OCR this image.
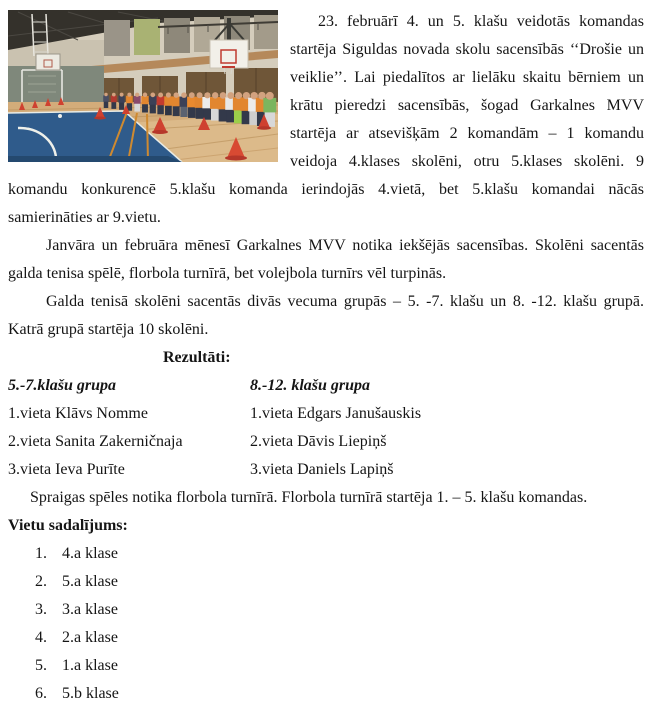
23. februārī 4. un 5. klašu veidotās komandas startēja Siguldas novada skolu sacensībās ‘‘Drošie un veiklie’’. Lai piedalītos ar lielāku skaitu bērniem un krātu pieredzi sacensībās, šogad Garkalnes MVV startēja ar atsevišķām 2 komandām – 1 komandu veidoja 4.klases skolēni, otru 5.klases skolēni. 9 komandu konkurencē 5.klašu komanda ierindojās 4.vietā, bet 5.klašu komandai nācās samierināties ar 9.vietu.

Janvāra un februāra mēnesī Garkalnes MVV notika iekšējās sacensības. Skolēni sacentās galda tenisa spēlē, florbola turnīrā, bet volejbola turnīrs vēl turpinās.

Galda tenisā skolēni sacentās divās vecuma grupās – 5. -7. klašu un 8. -12. klašu grupā. Katrā grupā startēja 10 skolēni.

Rezultāti:
5.-7.klašu grupa
1.vieta Klāvs Nomme
2.vieta Sanita Zakerničnaja
3.vieta Ieva Purīte
8.-12. klašu grupa
1.vieta Edgars Janušauskis
2.vieta Dāvis Liepiņš
3.vieta Daniels Lapiņš

Spraigas spēles notika florbola turnīrā. Florbola turnīrā startēja 1. – 5. klašu komandas.

Vietu sadalījums:
1. 4.a klase
2. 5.a klase
3. 3.a klase
4. 2.a klase
5. 1.a klase
6. 5.b klase
